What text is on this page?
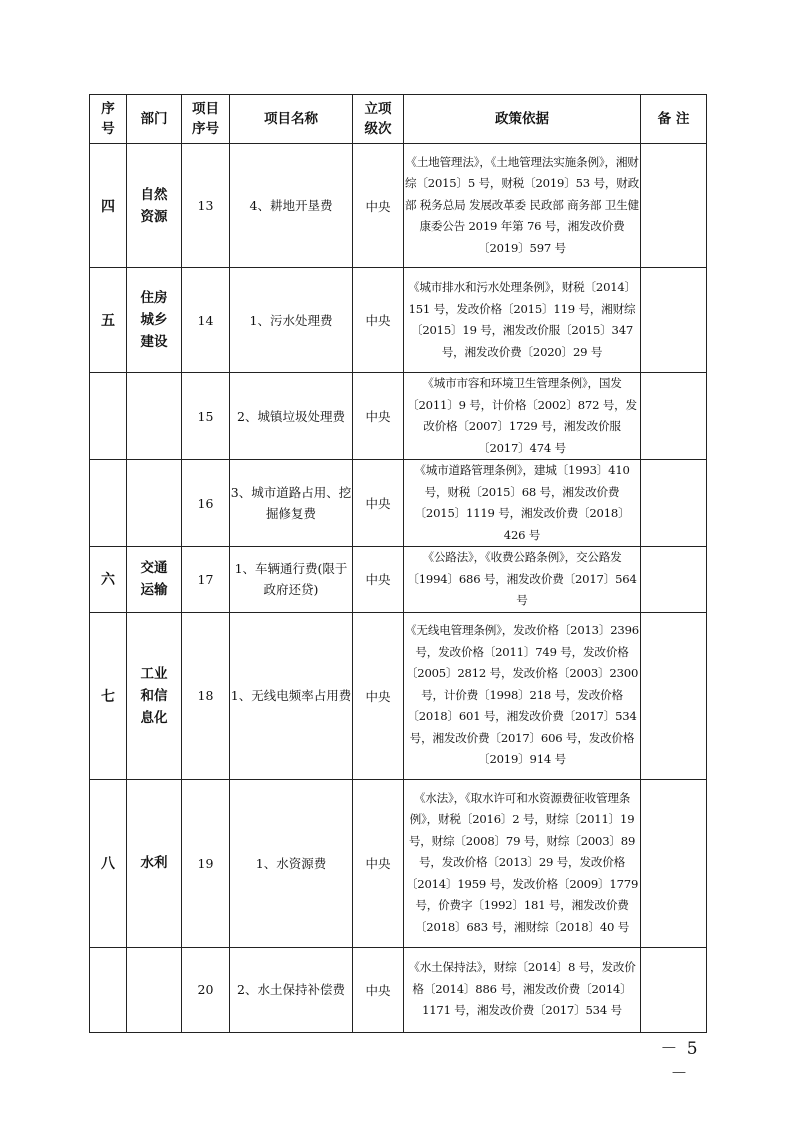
序号	部门	项目序号	项目名称	立项级次	政策依据	备 注
四	自然资源	13	4、耕地开垦费	中央	《土地管理法》，《土地管理法实施条例》，湘财综〔2015〕5 号，财税〔2019〕53 号，财政部 税务总局 发展改革委 民政部 商务部 卫生健康委公告 2019 年第 76 号，湘发改价费〔2019〕597 号	
五	住房城乡建设	14	1、污水处理费	中央	《城市排水和污水处理条例》，财税〔2014〕151 号，发改价格〔2015〕119 号，湘财综〔2015〕19 号，湘发改价服〔2015〕347 号，湘发改价费〔2020〕29 号	
		15	2、城镇垃圾处理费	中央	《城市市容和环境卫生管理条例》，国发〔2011〕9 号，计价格〔2002〕872 号，发改价格〔2007〕1729 号，湘发改价服〔2017〕474 号	
		16	3、城市道路占用、挖掘修复费	中央	《城市道路管理条例》，建城〔1993〕410 号，财税〔2015〕68 号，湘发改价费〔2015〕1119 号，湘发改价费〔2018〕426 号	
六	交通运输	17	1、车辆通行费(限于政府还贷)	中央	《公路法》，《收费公路条例》，交公路发〔1994〕686 号，湘发改价费〔2017〕564 号	
七	工业和信息化	18	1、无线电频率占用费	中央	《无线电管理条例》，发改价格〔2013〕2396 号，发改价格〔2011〕749 号，发改价格〔2005〕2812 号，发改价格〔2003〕2300 号，计价费〔1998〕218 号，发改价格〔2018〕601 号，湘发改价费〔2017〕534 号，湘发改价费〔2017〕606 号，发改价格〔2019〕914 号	
八	水利	19	1、水资源费	中央	《水法》，《取水许可和水资源费征收管理条例》，财税〔2016〕2 号，财综〔2011〕19 号，财综〔2008〕79 号，财综〔2003〕89 号，发改价格〔2013〕29 号，发改价格〔2014〕1959 号，发改价格〔2009〕1779 号，价费字〔1992〕181 号，湘发改价费〔2018〕683 号，湘财综〔2018〕40 号	
		20	2、水土保持补偿费	中央	《水土保持法》，财综〔2014〕8 号，发改价格〔2014〕886 号，湘发改价费〔2014〕1171 号，湘发改价费〔2017〕534 号	
－ 5 －
